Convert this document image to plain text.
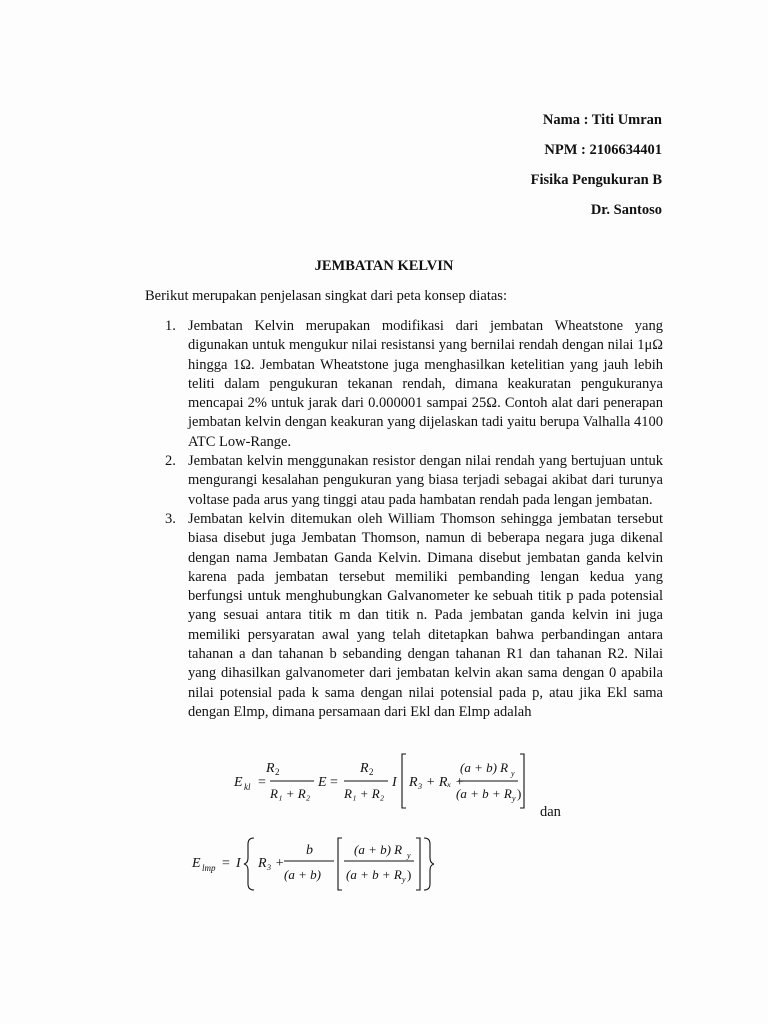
Nama : Titi Umran
NPM : 2106634401
Fisika Pengukuran B
Dr. Santoso
JEMBATAN KELVIN
Berikut merupakan penjelasan singkat dari peta konsep diatas:
1. Jembatan Kelvin merupakan modifikasi dari jembatan Wheatstone yang digunakan untuk mengukur nilai resistansi yang bernilai rendah dengan nilai 1μΩ hingga 1Ω. Jembatan Wheatstone juga menghasilkan ketelitian yang jauh lebih teliti dalam pengukuran tekanan rendah, dimana keakuratan pengukuranya mencapai 2% untuk jarak dari 0.000001 sampai 25Ω. Contoh alat dari penerapan jembatan kelvin dengan keakuran yang dijelaskan tadi yaitu berupa Valhalla 4100 ATC Low-Range.
2. Jembatan kelvin menggunakan resistor dengan nilai rendah yang bertujuan untuk mengurangi kesalahan pengukuran yang biasa terjadi sebagai akibat dari turunya voltase pada arus yang tinggi atau pada hambatan rendah pada lengan jembatan.
3. Jembatan kelvin ditemukan oleh William Thomson sehingga jembatan tersebut biasa disebut juga Jembatan Thomson, namun di beberapa negara juga dikenal dengan nama Jembatan Ganda Kelvin. Dimana disebut jembatan ganda kelvin karena pada jembatan tersebut memiliki pembanding lengan kedua yang berfungsi untuk menghubungkan Galvanometer ke sebuah titik p pada potensial yang sesuai antara titik m dan titik n. Pada jembatan ganda kelvin ini juga memiliki persyaratan awal yang telah ditetapkan bahwa perbandingan antara tahanan a dan tahanan b sebanding dengan tahanan R1 dan tahanan R2. Nilai yang dihasilkan galvanometer dari jembatan kelvin akan sama dengan 0 apabila nilai potensial pada k sama dengan nilai potensial pada p, atau jika Ekl sama dengan Elmp, dimana persamaan dari Ekl dan Elmp adalah
E kl =
R 2
R₁ + R₂
E =
R 2
R₁ + R₂
I R₃ + Rₓ +
(a + b) R y
(a + b + R y )
dan
E lmp = I R₃ +
b
(a + b)
(a + b) R y
(a + b + R y )
